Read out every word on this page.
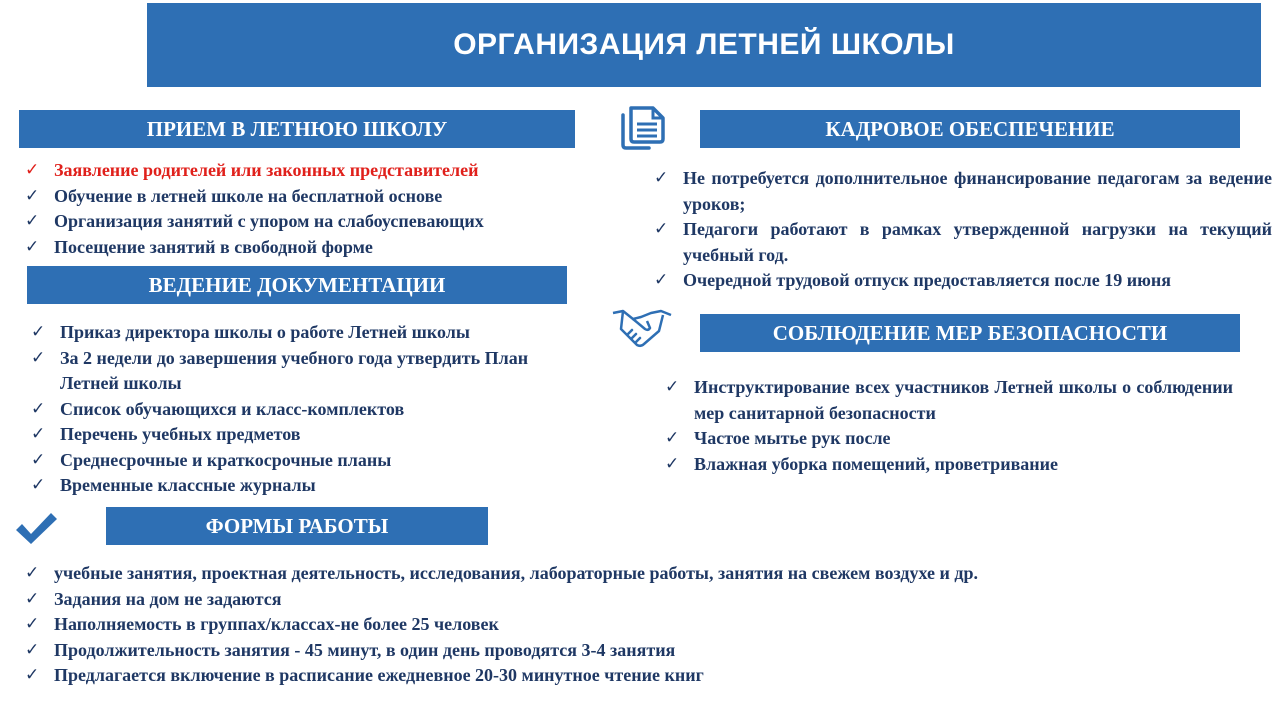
ОРГАНИЗАЦИЯ ЛЕТНЕЙ ШКОЛЫ
ПРИЕМ В ЛЕТНЮЮ ШКОЛУ
✓ Заявление родителей или законных представителей
✓ Обучение в летней школе на бесплатной основе
✓ Организация занятий с упором на слабоуспевающих
✓ Посещение занятий в свободной форме
ВЕДЕНИЕ ДОКУМЕНТАЦИИ
✓ Приказ директора школы о работе Летней школы
✓ За 2 недели до завершения учебного года утвердить План Летней школы
✓ Список обучающихся и класс-комплектов
✓ Перечень учебных предметов
✓ Среднесрочные и краткосрочные планы
✓ Временные классные журналы
ФОРМЫ РАБОТЫ
✓ учебные занятия, проектная деятельность, исследования, лабораторные работы, занятия на свежем воздухе и др.
✓ Задания на дом не задаются
✓ Наполняемость в группах/классах-не более 25 человек
✓ Продолжительность занятия - 45 минут, в один день проводятся 3-4 занятия
✓ Предлагается включение в расписание ежедневное 20-30 минутное чтение книг
КАДРОВОЕ ОБЕСПЕЧЕНИЕ
✓ Не потребуется дополнительное финансирование педагогам за ведение уроков;
✓ Педагоги работают в рамках утвержденной нагрузки на текущий учебный год.
✓ Очередной трудовой отпуск предоставляется после 19 июня
СОБЛЮДЕНИЕ МЕР БЕЗОПАСНОСТИ
✓ Инструктирование всех участников Летней школы о соблюдении мер санитарной безопасности
✓ Частое мытье рук после
✓ Влажная уборка помещений, проветривание
